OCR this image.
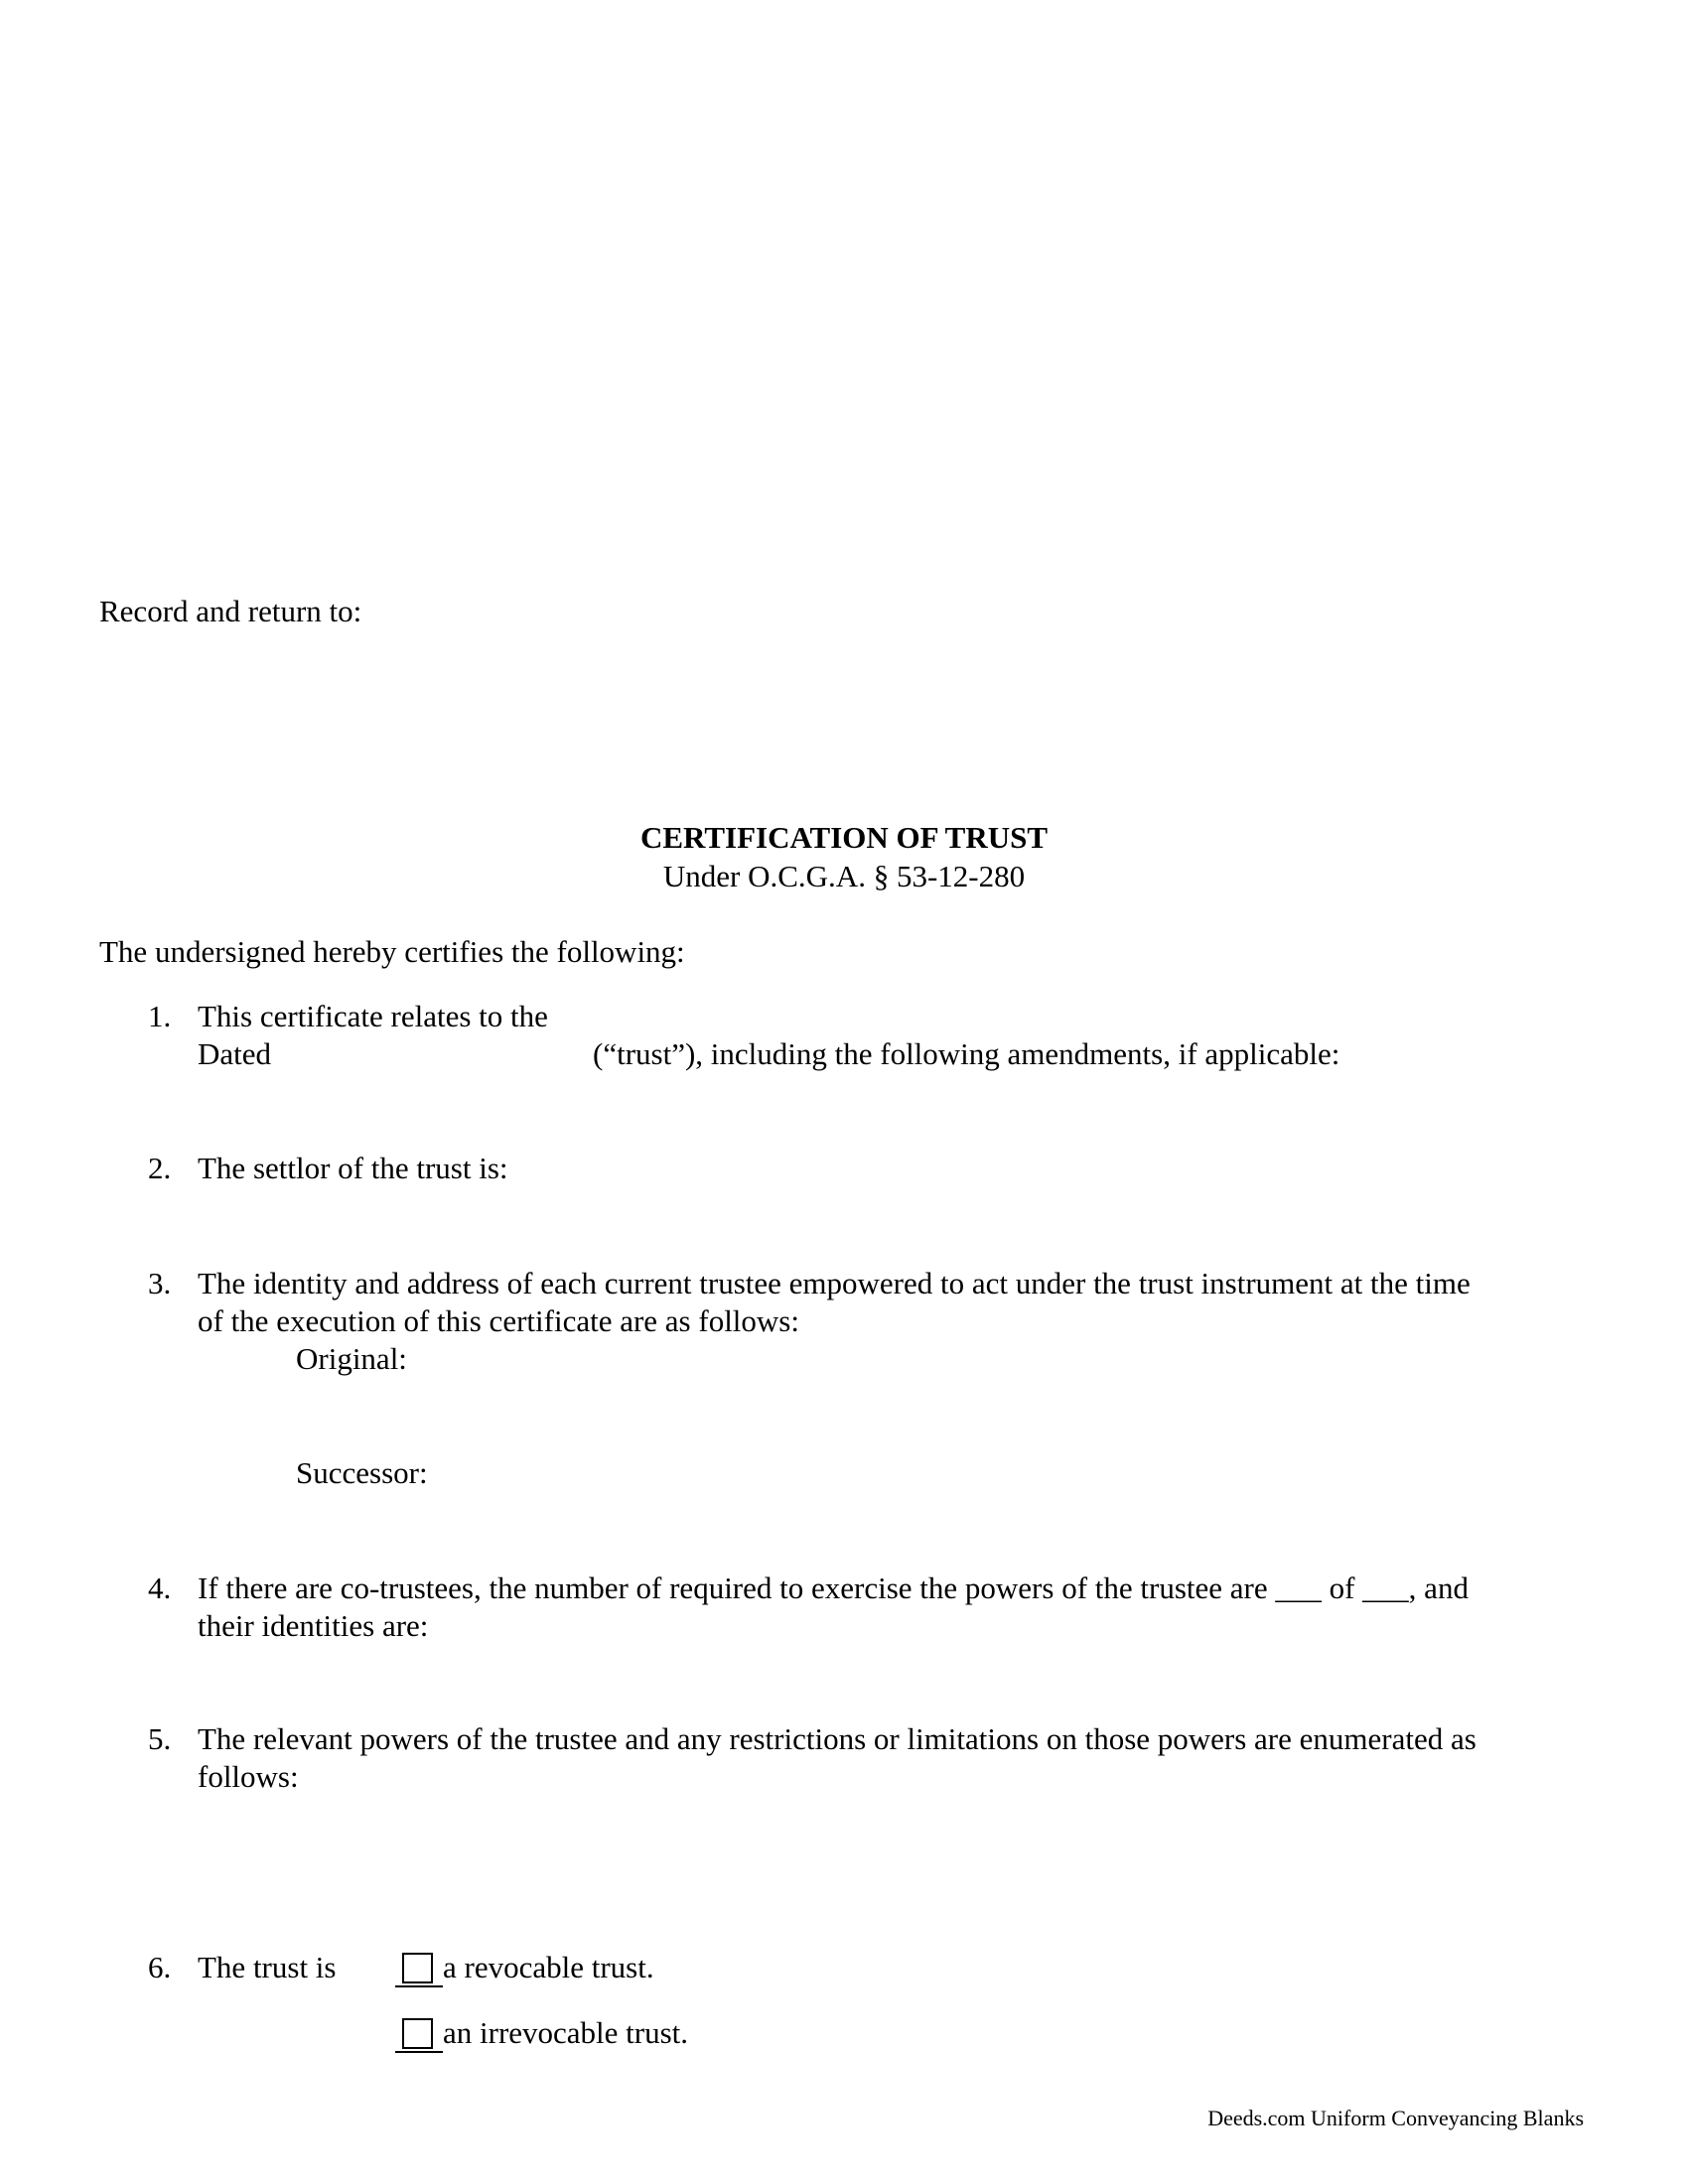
Record and return to:
CERTIFICATION OF TRUST
Under O.C.G.A. § 53-12-280
The undersigned hereby certifies the following:
1. This certificate relates to the
Dated	(“trust”), including the following amendments, if applicable:
2. The settlor of the trust is:
3. The identity and address of each current trustee empowered to act under the trust instrument at the time
of the execution of this certificate are as follows:
Original:
Successor:
4. If there are co-trustees, the number of required to exercise the powers of the trustee are ___ of ___, and
their identities are:
5. The relevant powers of the trustee and any restrictions or limitations on those powers are enumerated as
follows:
6. The trust is	a revocable trust.
an irrevocable trust.
Deeds.com Uniform Conveyancing Blanks
